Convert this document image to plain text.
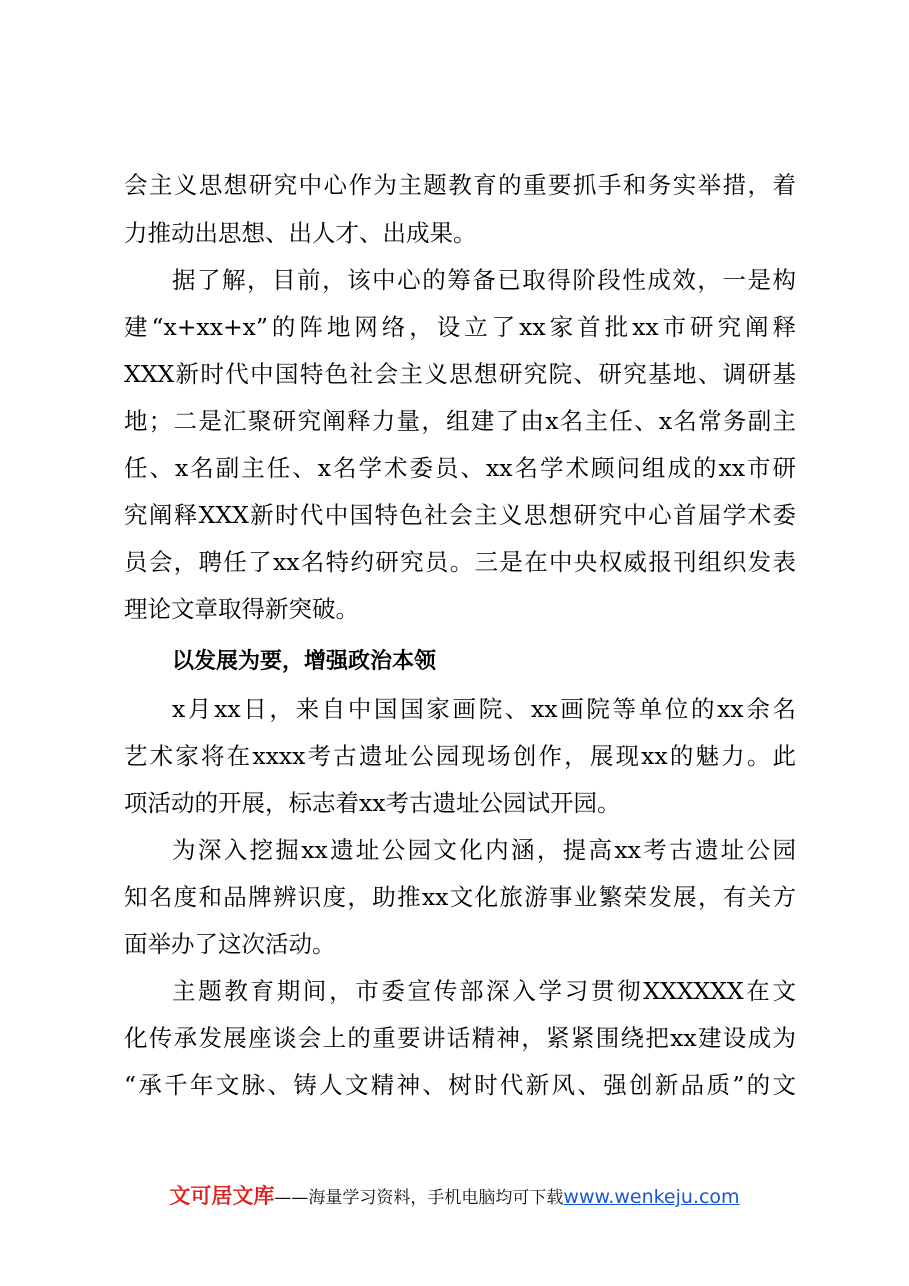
会主义思想研究中心作为主题教育的重要抓手和务实举措，着
力推动出思想、出人才、出成果。
据了解，目前，该中心的筹备已取得阶段性成效，一是构
建“x+xx+x”的阵地网络，设立了xx家首批xx市研究阐释
XXX新时代中国特色社会主义思想研究院、研究基地、调研基
地；二是汇聚研究阐释力量，组建了由x名主任、x名常务副主
任、x名副主任、x名学术委员、xx名学术顾问组成的xx市研
究阐释XXX新时代中国特色社会主义思想研究中心首届学术委
员会，聘任了xx名特约研究员。三是在中央权威报刊组织发表
理论文章取得新突破。
以发展为要，增强政治本领
x月xx日，来自中国国家画院、xx画院等单位的xx余名
艺术家将在xxxx考古遗址公园现场创作，展现xx的魅力。此
项活动的开展，标志着xx考古遗址公园试开园。
为深入挖掘xx遗址公园文化内涵，提高xx考古遗址公园
知名度和品牌辨识度，助推xx文化旅游事业繁荣发展，有关方
面举办了这次活动。
主题教育期间，市委宣传部深入学习贯彻XXXXXX在文
化传承发展座谈会上的重要讲话精神，紧紧围绕把xx建设成为
“承千年文脉、铸人文精神、树时代新风、强创新品质”的文
文可居文库——海量学习资料，手机电脑均可下载www.wenkeju.com
